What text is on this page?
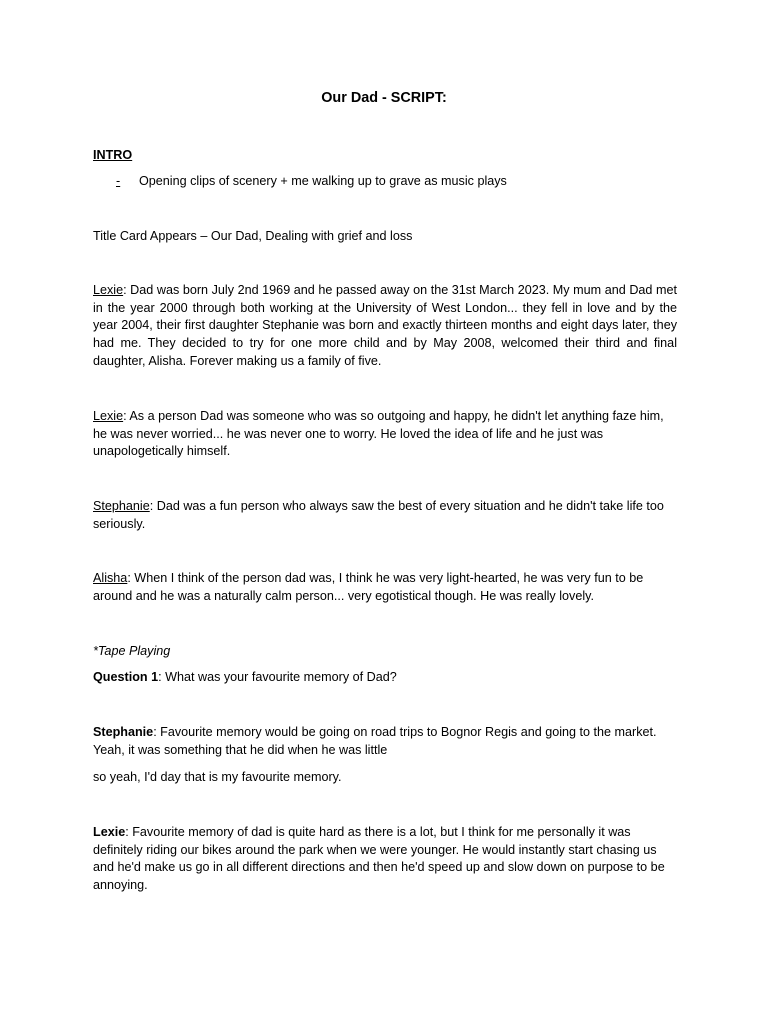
Our Dad - SCRIPT:
INTRO
- Opening clips of scenery + me walking up to grave as music plays
Title Card Appears – Our Dad, Dealing with grief and loss
Lexie: Dad was born July 2nd 1969 and he passed away on the 31st March 2023. My mum and Dad met in the year 2000 through both working at the University of West London... they fell in love and by the year 2004, their first daughter Stephanie was born and exactly thirteen months and eight days later, they had me. They decided to try for one more child and by May 2008, welcomed their third and final daughter, Alisha. Forever making us a family of five.
Lexie: As a person Dad was someone who was so outgoing and happy, he didn't let anything faze him, he was never worried... he was never one to worry. He loved the idea of life and he just was unapologetically himself.
Stephanie: Dad was a fun person who always saw the best of every situation and he didn't take life too seriously.
Alisha: When I think of the person dad was, I think he was very light-hearted, he was very fun to be around and he was a naturally calm person... very egotistical though. He was really lovely.
*Tape Playing
Question 1: What was your favourite memory of Dad?
Stephanie: Favourite memory would be going on road trips to Bognor Regis and going to the market. Yeah, it was something that he did when he was little
so yeah, I'd day that is my favourite memory.
Lexie: Favourite memory of dad is quite hard as there is a lot, but I think for me personally it was definitely riding our bikes around the park when we were younger. He would instantly start chasing us and he'd make us go in all different directions and then he'd speed up and slow down on purpose to be annoying.
